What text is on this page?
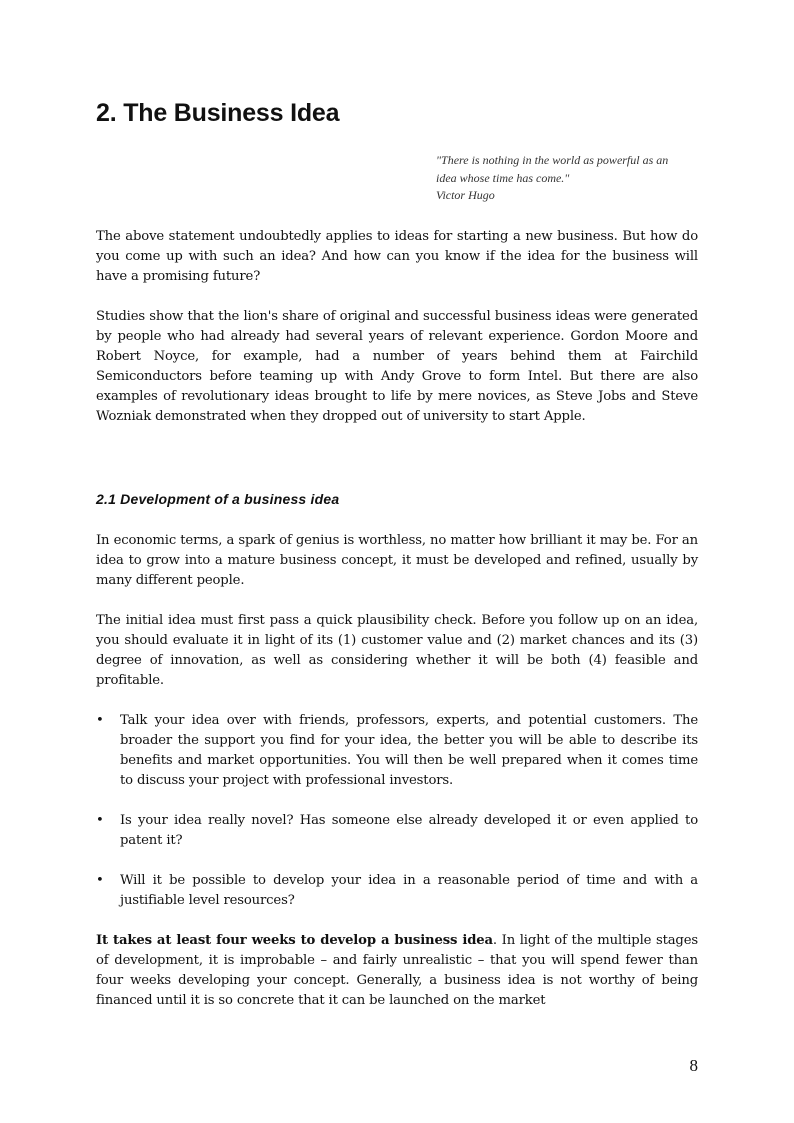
2. The Business Idea
"There is nothing in the world as powerful as an
idea whose time has come."
Victor Hugo

The above statement undoubtedly applies to ideas for starting a new business. But how do you come up with such an idea? And how can you know if the idea for the business will have a promising future?

Studies show that the lion's share of original and successful business ideas were generated by people who had already had several years of relevant experience. Gordon Moore and Robert Noyce, for example, had a number of years behind them at Fairchild Semiconductors before teaming up with Andy Grove to form Intel. But there are also examples of revolutionary ideas brought to life by mere novices, as Steve Jobs and Steve Wozniak demonstrated when they dropped out of university to start Apple.

2.1 Development of a business idea

In economic terms, a spark of genius is worthless, no matter how brilliant it may be. For an idea to grow into a mature business concept, it must be developed and refined, usually by many different people.

The initial idea must first pass a quick plausibility check. Before you follow up on an idea, you should evaluate it in light of its (1) customer value and (2) market chances and its (3) degree of innovation, as well as considering whether it will be both (4) feasible and profitable.

• Talk your idea over with friends, professors, experts, and potential customers. The broader the support you find for your idea, the better you will be able to describe its benefits and market opportunities. You will then be well prepared when it comes time to discuss your project with professional investors.
• Is your idea really novel? Has someone else already developed it or even applied to patent it?
• Will it be possible to develop your idea in a reasonable period of time and with a justifiable level resources?

It takes at least four weeks to develop a business idea. In light of the multiple stages of development, it is improbable – and fairly unrealistic – that you will spend fewer than four weeks developing your concept. Generally, a business idea is not worthy of being financed until it is so concrete that it can be launched on the market

8
